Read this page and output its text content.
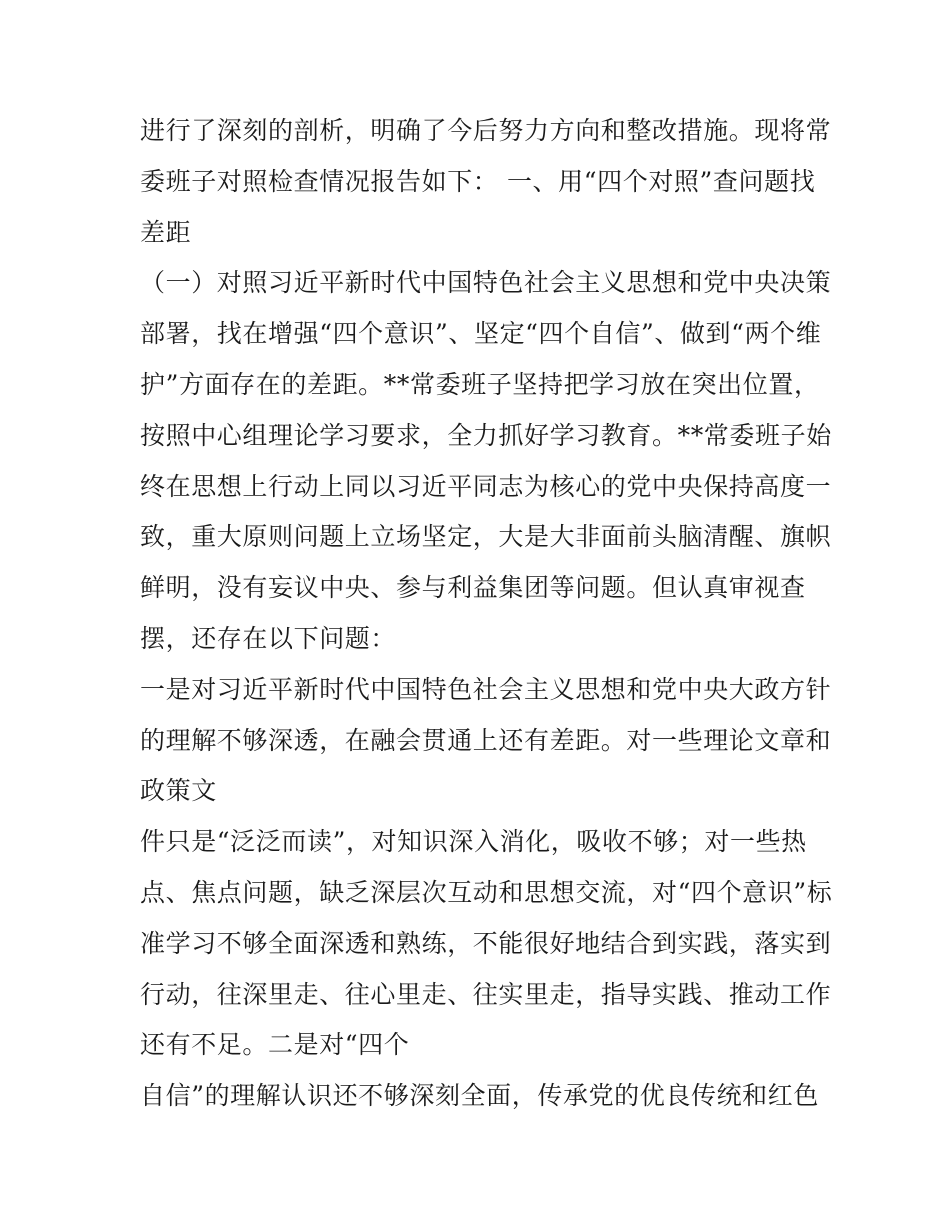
进行了深刻的剖析，明确了今后努力方向和整改措施。现将常
委班子对照检查情况报告如下： 一、用“四个对照”查问题找
差距
（一）对照习近平新时代中国特色社会主义思想和党中央决策
部署，找在增强“四个意识”、坚定“四个自信”、做到“两个维
护”方面存在的差距。**常委班子坚持把学习放在突出位置，
按照中心组理论学习要求，全力抓好学习教育。**常委班子始
终在思想上行动上同以习近平同志为核心的党中央保持高度一
致，重大原则问题上立场坚定，大是大非面前头脑清醒、旗帜
鲜明，没有妄议中央、参与利益集团等问题。但认真审视查
摆，还存在以下问题：
一是对习近平新时代中国特色社会主义思想和党中央大政方针
的理解不够深透，在融会贯通上还有差距。对一些理论文章和
政策文
件只是“泛泛而读”，对知识深入消化，吸收不够；对一些热
点、焦点问题，缺乏深层次互动和思想交流，对“四个意识”标
准学习不够全面深透和熟练，不能很好地结合到实践，落实到
行动，往深里走、往心里走、往实里走，指导实践、推动工作
还有不足。二是对“四个
自信”的理解认识还不够深刻全面，传承党的优良传统和红色
